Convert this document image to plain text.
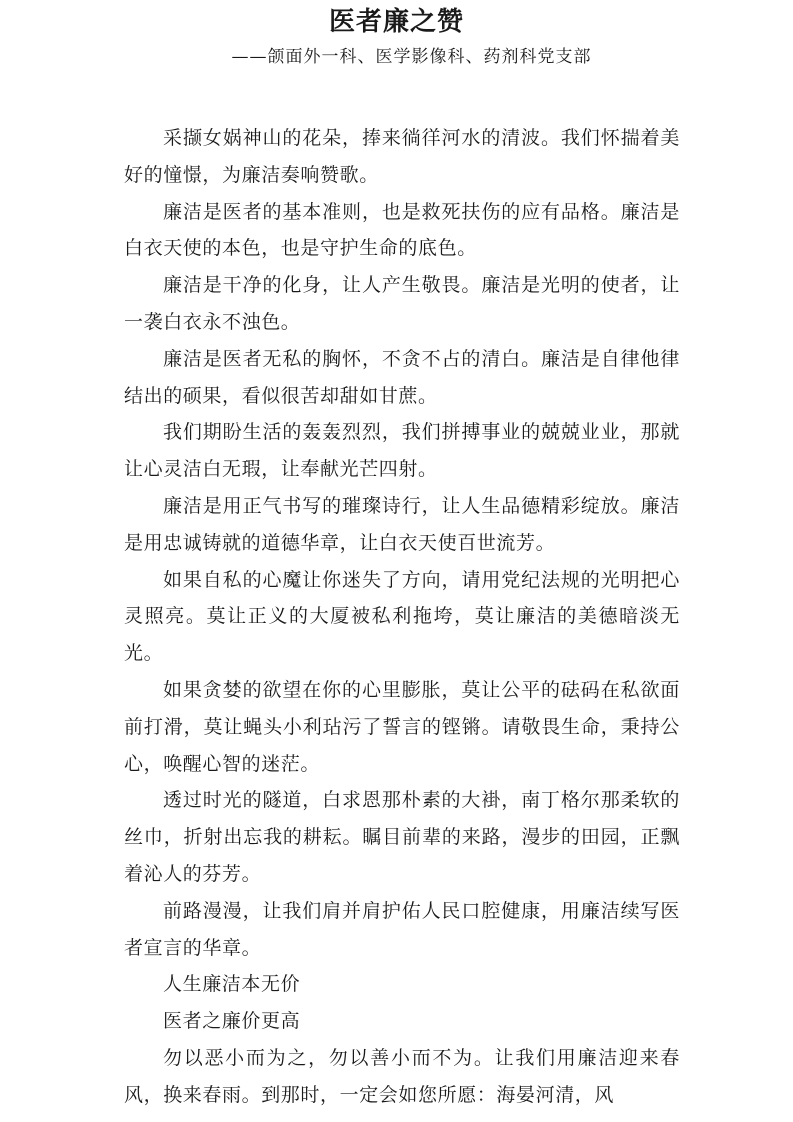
医者廉之赞
——颌面外一科、医学影像科、药剂科党支部

采撷女娲神山的花朵，捧来徜徉河水的清波。我们怀揣着美好的憧憬，为廉洁奏响赞歌。

廉洁是医者的基本准则，也是救死扶伤的应有品格。廉洁是白衣天使的本色，也是守护生命的底色。

廉洁是干净的化身，让人产生敬畏。廉洁是光明的使者，让一袭白衣永不浊色。

廉洁是医者无私的胸怀，不贪不占的清白。廉洁是自律他律结出的硕果，看似很苦却甜如甘蔗。

我们期盼生活的轰轰烈烈，我们拼搏事业的兢兢业业，那就让心灵洁白无瑕，让奉献光芒四射。

廉洁是用正气书写的璀璨诗行，让人生品德精彩绽放。廉洁是用忠诚铸就的道德华章，让白衣天使百世流芳。

如果自私的心魔让你迷失了方向，请用党纪法规的光明把心灵照亮。莫让正义的大厦被私利拖垮，莫让廉洁的美德暗淡无光。

如果贪婪的欲望在你的心里膨胀，莫让公平的砝码在私欲面前打滑，莫让蝇头小利玷污了誓言的铿锵。请敬畏生命，秉持公心，唤醒心智的迷茫。

透过时光的隧道，白求恩那朴素的大褂，南丁格尔那柔软的丝巾，折射出忘我的耕耘。瞩目前辈的来路，漫步的田园，正飘着沁人的芬芳。

前路漫漫，让我们肩并肩护佑人民口腔健康，用廉洁续写医者宣言的华章。

人生廉洁本无价

医者之廉价更高

勿以恶小而为之，勿以善小而不为。让我们用廉洁迎来春风，换来春雨。到那时，一定会如您所愿：海晏河清，风
